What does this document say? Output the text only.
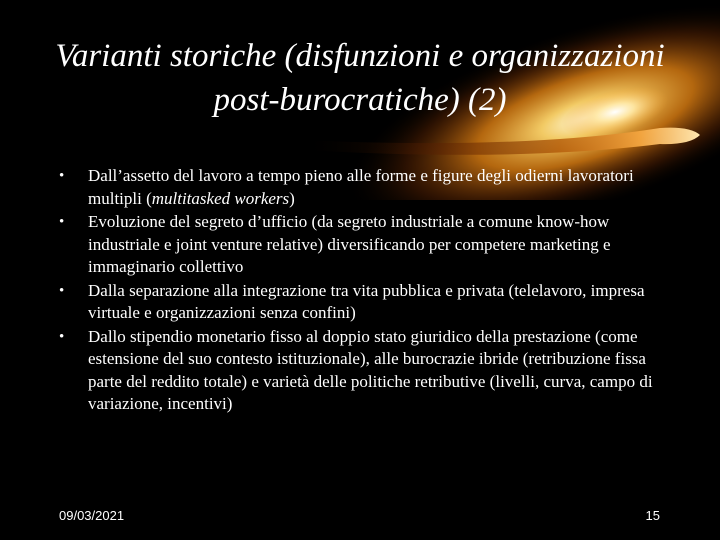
Varianti storiche (disfunzioni e organizzazioni post-burocratiche) (2)
• Dall’assetto del lavoro a tempo pieno alle forme e figure degli odierni lavoratori multipli (multitasked workers)
• Evoluzione del segreto d’ufficio (da segreto industriale a comune know-how industriale e joint venture relative) diversificando per competere marketing e immaginario collettivo
• Dalla separazione alla integrazione tra vita pubblica e privata (telelavoro, impresa virtuale e organizzazioni senza confini)
• Dallo stipendio monetario fisso al doppio stato giuridico della prestazione (come estensione del suo contesto istituzionale), alle burocrazie ibride (retribuzione fissa parte del reddito totale) e varietà delle politiche retributive (livelli, curva, campo di variazione, incentivi)
09/03/2021	15
